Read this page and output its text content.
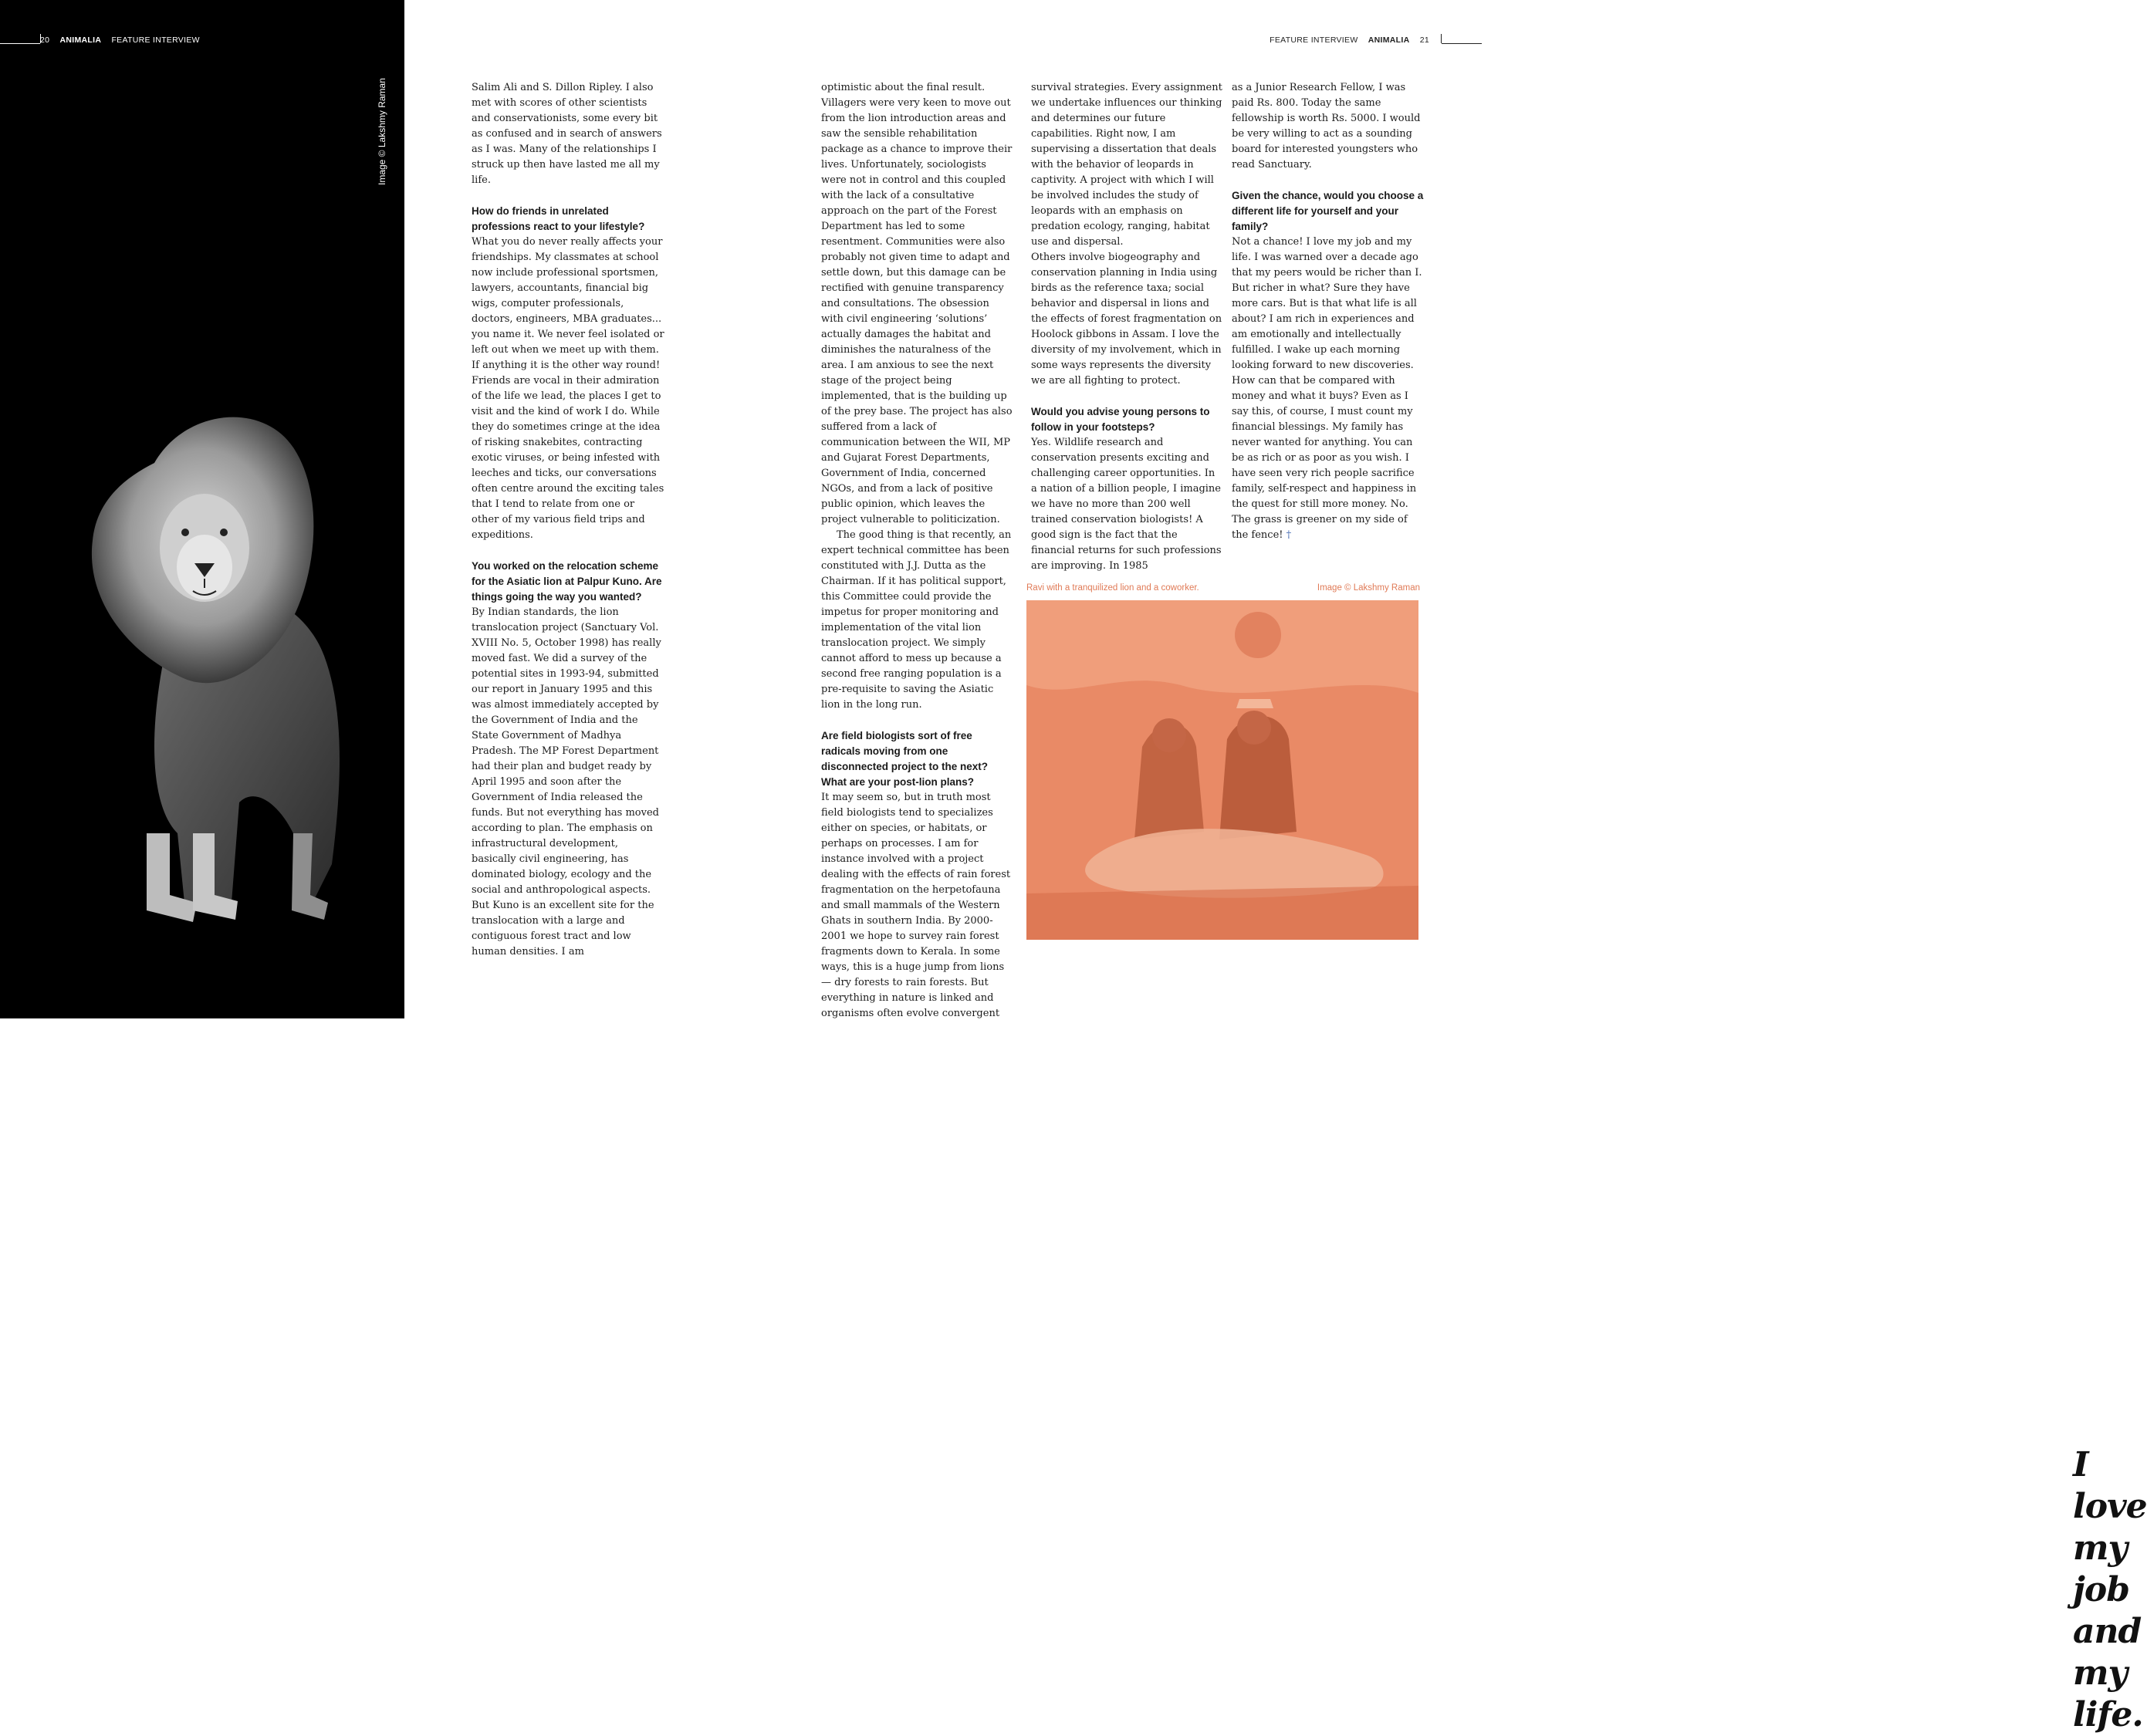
20 ANIMALIA FEATURE INTERVIEW	FEATURE INTERVIEW ANIMALIA 21
Image © Lakshmy Raman	Salim Ali and S. Dillon Ripley. I also met with scores of other scientists and conservationists, some every bit as confused and in search of answers as I was. Many of the relationships I struck up then have lasted me all my life.

How do friends in unrelated professions react to your lifestyle?

What you do never really affects your friendships. My classmates at school now include professional sportsmen, lawyers, accountants, financial big wigs, computer professionals, doctors, engineers, MBA graduates... you name it. We never feel isolated or left out when we meet up with them. If anything it is the other way round! Friends are vocal in their admiration of the life we lead, the places I get to visit and the kind of work I do. While they do sometimes cringe at the idea of risking snakebites, contracting exotic viruses, or being infested with leeches and ticks, our conversations often centre around the exciting tales that I tend to relate from one or other of my various field trips and expeditions.

You worked on the relocation scheme for the Asiatic lion at Palpur Kuno. Are things going the way you wanted?

By Indian standards, the lion translocation project (Sanctuary Vol. XVIII No. 5, October 1998) has really moved fast. We did a survey of the potential sites in 1993-94, submitted our report in January 1995 and this was almost immediately accepted by the Government of India and the State Government of Madhya Pradesh. The MP Forest Department had their plan and budget ready by April 1995 and soon after the Government of India released the funds. But not everything has moved according to plan. The emphasis on infrastructural development, basically civil engineering, has dominated biology, ecology and the social and anthropological aspects. But Kuno is an excellent site for the translocation with a large and contiguous forest tract and low human densities. I am

optimistic about the final result. Villagers were very keen to move out from the lion introduction areas and saw the sensible rehabilitation package as a chance to improve their lives. Unfortunately, sociologists were not in control and this coupled with the lack of a consultative approach on the part of the Forest Department has led to some resentment. Communities were also probably not given time to adapt and settle down, but this damage can be rectified with genuine transparency and consultations. The obsession with civil engineering ‘solutions’ actually damages the habitat and diminishes the naturalness of the area. I am anxious to see the next stage of the project being implemented, that is the building up of the prey base. The project has also suffered from a lack of communication between the WII, MP and Gujarat Forest Departments, Government of India, concerned NGOs, and from a lack of positive public opinion, which leaves the project vulnerable to politicization.

The good thing is that recently, an expert technical committee has been constituted with J.J. Dutta as the Chairman. If it has political support, this Committee could provide the impetus for proper monitoring and implementation of the vital lion translocation project. We simply cannot afford to mess up because a second free ranging population is a pre-requisite to saving the Asiatic lion in the long run.

Are field biologists sort of free radicals moving from one disconnected project to the next? What are your post-lion plans?

It may seem so, but in truth most field biologists tend to specializes either on species, or habitats, or perhaps on processes. I am for instance involved with a project dealing with the effects of rain forest fragmentation on the herpetofauna and small mammals of the Western Ghats in southern India. By 2000-2001 we hope to survey rain forest fragments down to Kerala. In some ways, this is a huge jump from lions — dry forests to rain forests. But everything in nature is linked and organisms often evolve convergent

survival strategies. Every assignment we undertake influences our thinking and determines our future capabilities. Right now, I am supervising a dissertation that deals with the behavior of leopards in captivity. A project with which I will be involved includes the study of leopards with an emphasis on predation ecology, ranging, habitat use and dispersal.

Others involve biogeography and conservation planning in India using birds as the reference taxa; social behavior and dispersal in lions and the effects of forest fragmentation on Hoolock gibbons in Assam. I love the diversity of my involvement, which in some ways represents the diversity we are all fighting to protect.

Would you advise young persons to follow in your footsteps?

Yes. Wildlife research and conservation presents exciting and challenging career opportunities. In a nation of a billion people, I imagine we have no more than 200 well trained conservation biologists! A good sign is the fact that the financial returns for such professions are improving. In 1985

as a Junior Research Fellow, I was paid Rs. 800. Today the same fellowship is worth Rs. 5000. I would be very willing to act as a sounding board for interested youngsters who read Sanctuary.

Given the chance, would you choose a different life for yourself and your family?

Not a chance! I love my job and my life. I was warned over a decade ago that my peers would be richer than I. But richer in what? Sure they have more cars. But is that what life is all about? I am rich in experiences and am emotionally and intellectually fulfilled. I wake up each morning looking forward to new discoveries. How can that be compared with money and what it buys? Even as I say this, of course, I must count my financial blessings. My family has never wanted for anything. You can be as rich or as poor as you wish. I have seen very rich people sacrifice family, self-respect and happiness in the quest for still more money. No. The grass is greener on my side of the fence! †

Ravi with a tranquilized lion and a coworker.	Image © Lakshmy Raman
I love my job
and my life.
